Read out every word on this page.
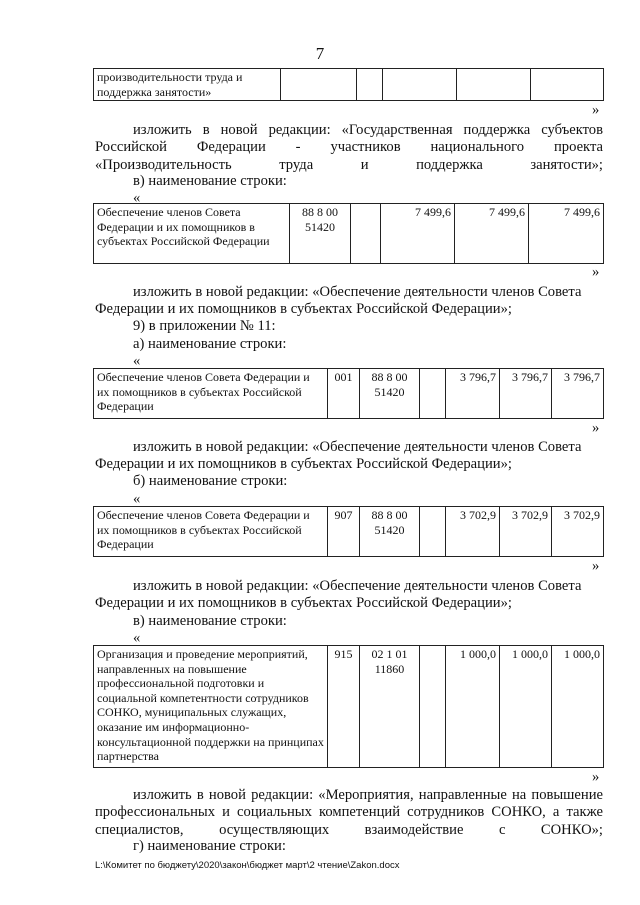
7
производительности труда и поддержка занятости»					
»
изложить в новой редакции: «Государственная поддержка субъектов Российской Федерации - участников национального проекта «Производительность труда и поддержка занятости»;
в) наименование строки:
«
Обеспечение членов Совета Федерации и их помощников в субъектах Российской Федерации	88 8 00 51420		7 499,6	7 499,6	7 499,6
»
изложить в новой редакции: «Обеспечение деятельности членов Совета Федерации и их помощников в субъектах Российской Федерации»;
9) в приложении № 11:
а) наименование строки:
«
Обеспечение членов Совета Федерации и их помощников в субъектах Российской Федерации	001	88 8 00 51420		3 796,7	3 796,7	3 796,7
»
изложить в новой редакции: «Обеспечение деятельности членов Совета Федерации и их помощников в субъектах Российской Федерации»;
б) наименование строки:
«
Обеспечение членов Совета Федерации и их помощников в субъектах Российской Федерации	907	88 8 00 51420		3 702,9	3 702,9	3 702,9
»
изложить в новой редакции: «Обеспечение деятельности членов Совета Федерации и их помощников в субъектах Российской Федерации»;
в) наименование строки:
«
Организация и проведение мероприятий, направленных на повышение профессиональной подготовки и социальной компетентности сотрудников СОНКО, муниципальных служащих, оказание им информационно-консультационной поддержки на принципах партнерства	915	02 1 01 11860		1 000,0	1 000,0	1 000,0
»
изложить в новой редакции: «Мероприятия, направленные на повышение профессиональных и социальных компетенций сотрудников СОНКО, а также специалистов, осуществляющих взаимодействие с СОНКО»;
г) наименование строки:
L:\Комитет по бюджету\2020\закон\бюджет март\2 чтение\Zakon.docx
